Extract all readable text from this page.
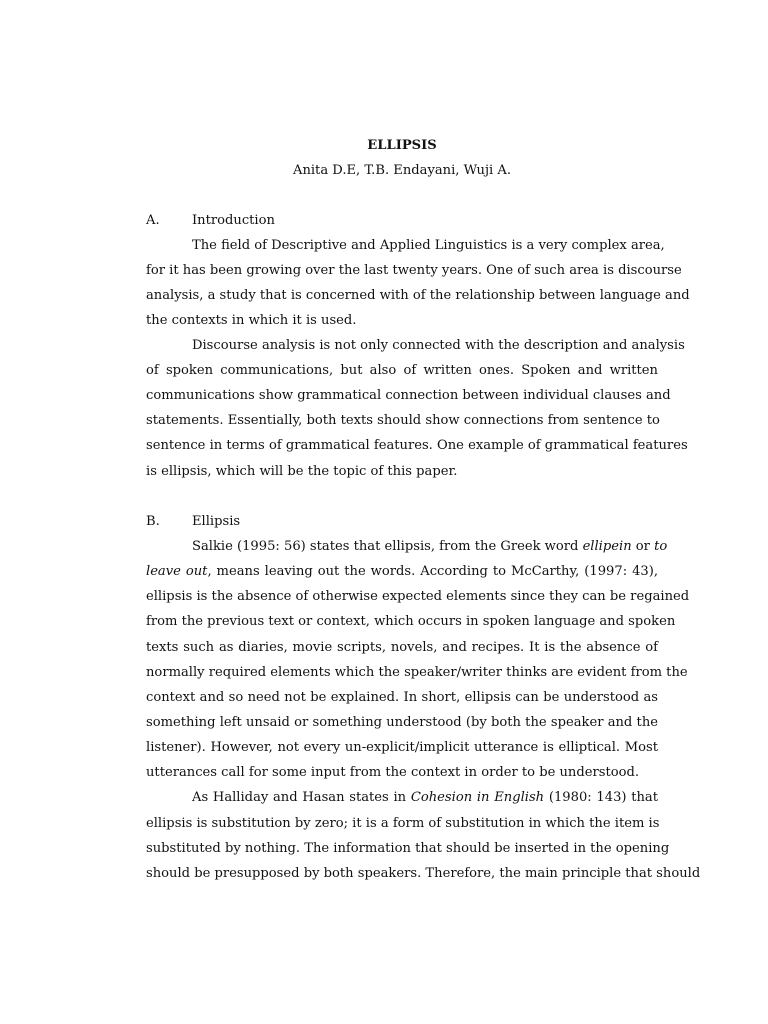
ELLIPSIS
Anita D.E, T.B. Endayani, Wuji A.
A. Introduction
The field of Descriptive and Applied Linguistics is a very complex area,
for it has been growing over the last twenty years. One of such area is discourse
analysis, a study that is concerned with of the relationship between language and
the contexts in which it is used.
Discourse analysis is not only connected with the description and analysis
of spoken communications, but also of written ones. Spoken and written
communications show grammatical connection between individual clauses and
statements. Essentially, both texts should show connections from sentence to
sentence in terms of grammatical features. One example of grammatical features
is ellipsis, which will be the topic of this paper.
B. Ellipsis
Salkie (1995: 56) states that ellipsis, from the Greek word ellipein or to
leave out, means leaving out the words. According to McCarthy, (1997: 43),
ellipsis is the absence of otherwise expected elements since they can be regained
from the previous text or context, which occurs in spoken language and spoken
texts such as diaries, movie scripts, novels, and recipes. It is the absence of
normally required elements which the speaker/writer thinks are evident from the
context and so need not be explained. In short, ellipsis can be understood as
something left unsaid or something understood (by both the speaker and the
listener). However, not every un-explicit/implicit utterance is elliptical. Most
utterances call for some input from the context in order to be understood.
As Halliday and Hasan states in Cohesion in English (1980: 143) that
ellipsis is substitution by zero; it is a form of substitution in which the item is
substituted by nothing. The information that should be inserted in the opening
should be presupposed by both speakers. Therefore, the main principle that should
